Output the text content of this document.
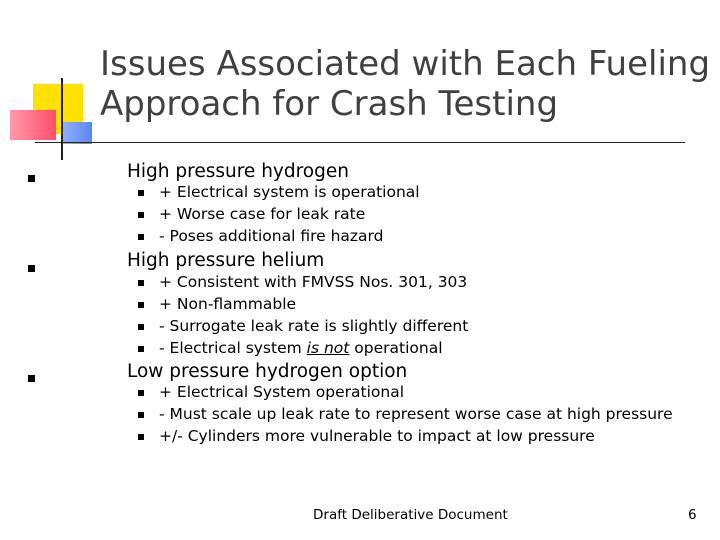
Issues Associated with Each Fueling
Approach for Crash Testing
High pressure hydrogen
+ Electrical system is operational
+ Worse case for leak rate
- Poses additional fire hazard
High pressure helium
+ Consistent with FMVSS Nos. 301, 303
+ Non-flammable
- Surrogate leak rate is slightly different
- Electrical system is not operational
Low pressure hydrogen option
+ Electrical System operational
- Must scale up leak rate to represent worse case at high pressure
+/- Cylinders more vulnerable to impact at low pressure
Draft Deliberative Document	6
